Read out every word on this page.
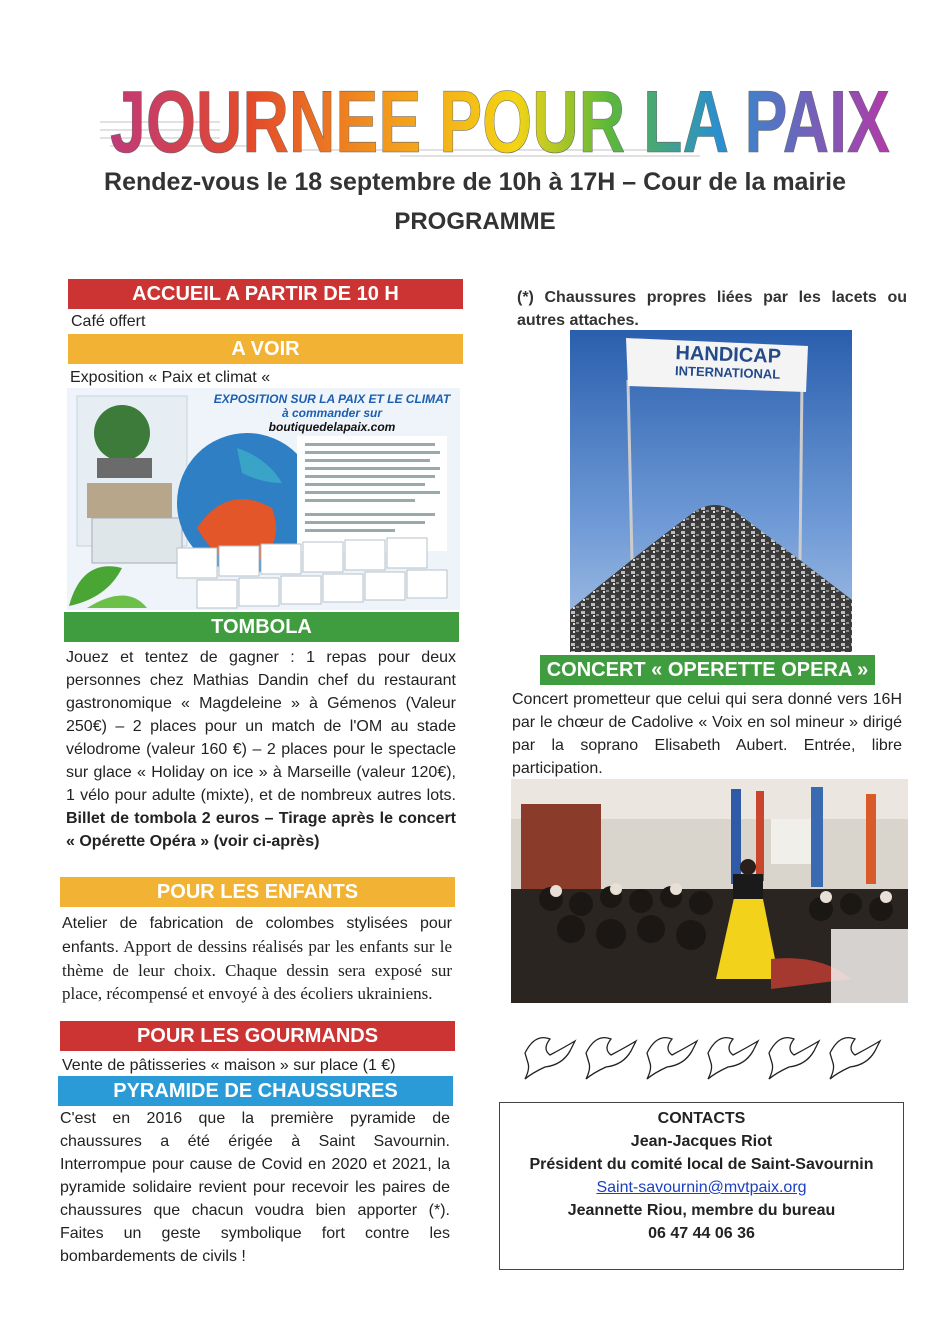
JOURNEE POUR LA PAIX
Rendez-vous le 18 septembre de 10h à 17H – Cour de la mairie
PROGRAMME
ACCUEIL A PARTIR DE 10 H
Café offert
A VOIR
Exposition « Paix et climat «
EXPOSITION SUR LA PAIX ET LE CLIMAT
à commander sur
boutiquedelapaix.com
TOMBOLA
Jouez et tentez de gagner : 1 repas pour deux personnes chez Mathias Dandin chef du restaurant gastronomique « Magdeleine » à Gémenos (Valeur 250€) – 2 places pour un match de l'OM au stade vélodrome (valeur 160 €) – 2 places pour le spectacle sur glace « Holiday on ice » à Marseille (valeur 120€), 1 vélo pour adulte (mixte), et de nombreux autres lots. Billet de tombola 2 euros – Tirage après le concert « Opérette Opéra » (voir ci-après)
POUR LES ENFANTS
Atelier de fabrication de colombes stylisées pour enfants. Apport de dessins réalisés par les enfants sur le thème de leur choix. Chaque dessin sera exposé sur place, récompensé et envoyé à des écoliers ukrainiens.
POUR LES GOURMANDS
Vente de pâtisseries « maison » sur place (1 €)
PYRAMIDE DE CHAUSSURES
C'est en 2016 que la première pyramide de chaussures a été érigée à Saint Savournin. Interrompue pour cause de Covid en 2020 et 2021, la pyramide solidaire revient pour recevoir les paires de chaussures que chacun voudra bien apporter (*). Faites un geste symbolique fort contre les bombardements de civils !
(*) Chaussures propres liées par les lacets ou autres attaches.
HANDICAP
INTERNATIONAL
CONCERT « OPERETTE OPERA »
Concert prometteur que celui qui sera donné vers 16H par le chœur de Cadolive « Voix en sol mineur » dirigé par la soprano Elisabeth Aubert. Entrée, libre participation.
CONTACTS
Jean-Jacques Riot
Président du comité local de Saint-Savournin
Saint-savournin@mvtpaix.org
Jeannette Riou, membre du bureau
06 47 44 06 36
